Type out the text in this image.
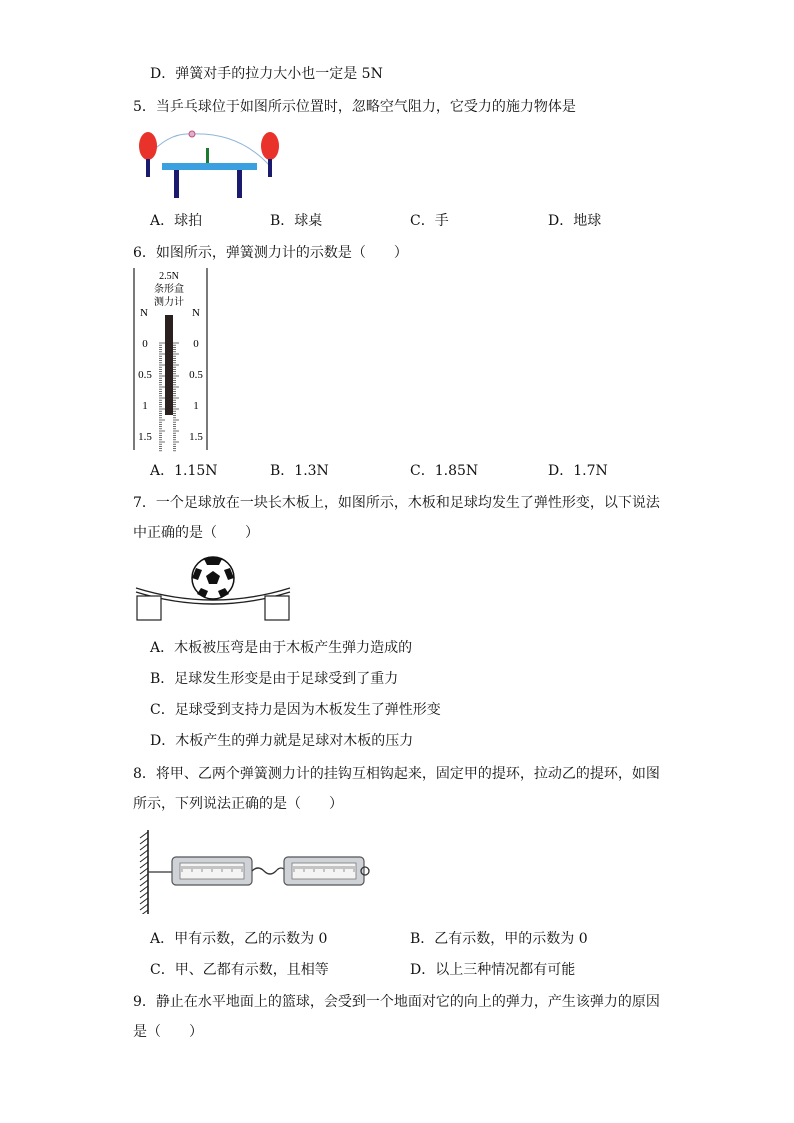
D．弹簧对手的拉力大小也一定是 5N
5．当乒乓球位于如图所示位置时，忽略空气阻力，它受力的施力物体是
A．球拍	B．球桌	C．手	D．地球
6．如图所示，弹簧测力计的示数是（　　）
2.5N
条形盒
测力计
N	N
0
0.5
1
1.5
0
0.5
1
1.5
A．1.15N	B．1.3N	C．1.85N	D．1.7N
7．一个足球放在一块长木板上，如图所示，木板和足球均发生了弹性形变，以下说法
中正确的是（　　）
A．木板被压弯是由于木板产生弹力造成的
B．足球发生形变是由于足球受到了重力
C．足球受到支持力是因为木板发生了弹性形变
D．木板产生的弹力就是足球对木板的压力
8．将甲、乙两个弹簧测力计的挂钩互相钩起来，固定甲的提环，拉动乙的提环，如图
所示，下列说法正确的是（　　）
A．甲有示数，乙的示数为 0	B．乙有示数，甲的示数为 0
C．甲、乙都有示数，且相等	D．以上三种情况都有可能
9．静止在水平地面上的篮球，会受到一个地面对它的向上的弹力，产生该弹力的原因
是（　　）
